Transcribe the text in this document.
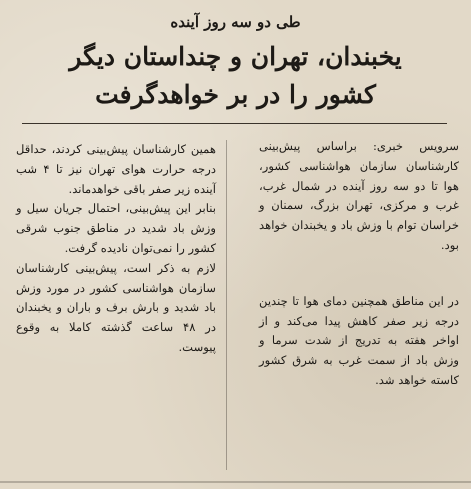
طی دو سه روز آینده
یخبندان، تهران و چنداستان دیگر
کشور را در بر خواهدگرفت

سرویس خبری: براساس پیش‌بینی کارشناسان سازمان هواشناسی کشور، هوا تا دو سه روز آینده در شمال غرب، غرب و مرکزی، تهران بزرگ، سمنان و خراسان توام با وزش باد و یخبندان خواهد بود.

در این مناطق همچنین دمای هوا تا چندین درجه زیر صفر کاهش پیدا می‌کند و از اواخر هفته به تدریج از شدت سرما و وزش باد از سمت غرب به شرق کشور کاسته خواهد شد.

همین کارشناسان پیش‌بینی کردند، حداقل درجه حرارت هوای تهران نیز تا ۴ شب آینده زیر صفر باقی خواهدماند.

بنابر این پیش‌بینی، احتمال جریان سیل و وزش باد شدید در مناطق جنوب شرقی کشور را نمی‌توان نادیده گرفت.

لازم به ذکر است، پیش‌بینی کارشناسان سازمان هواشناسی کشور در مورد وزش باد شدید و بارش برف و باران و یخبندان در ۴۸ ساعت گذشته کاملا به وقوع پیوست.
